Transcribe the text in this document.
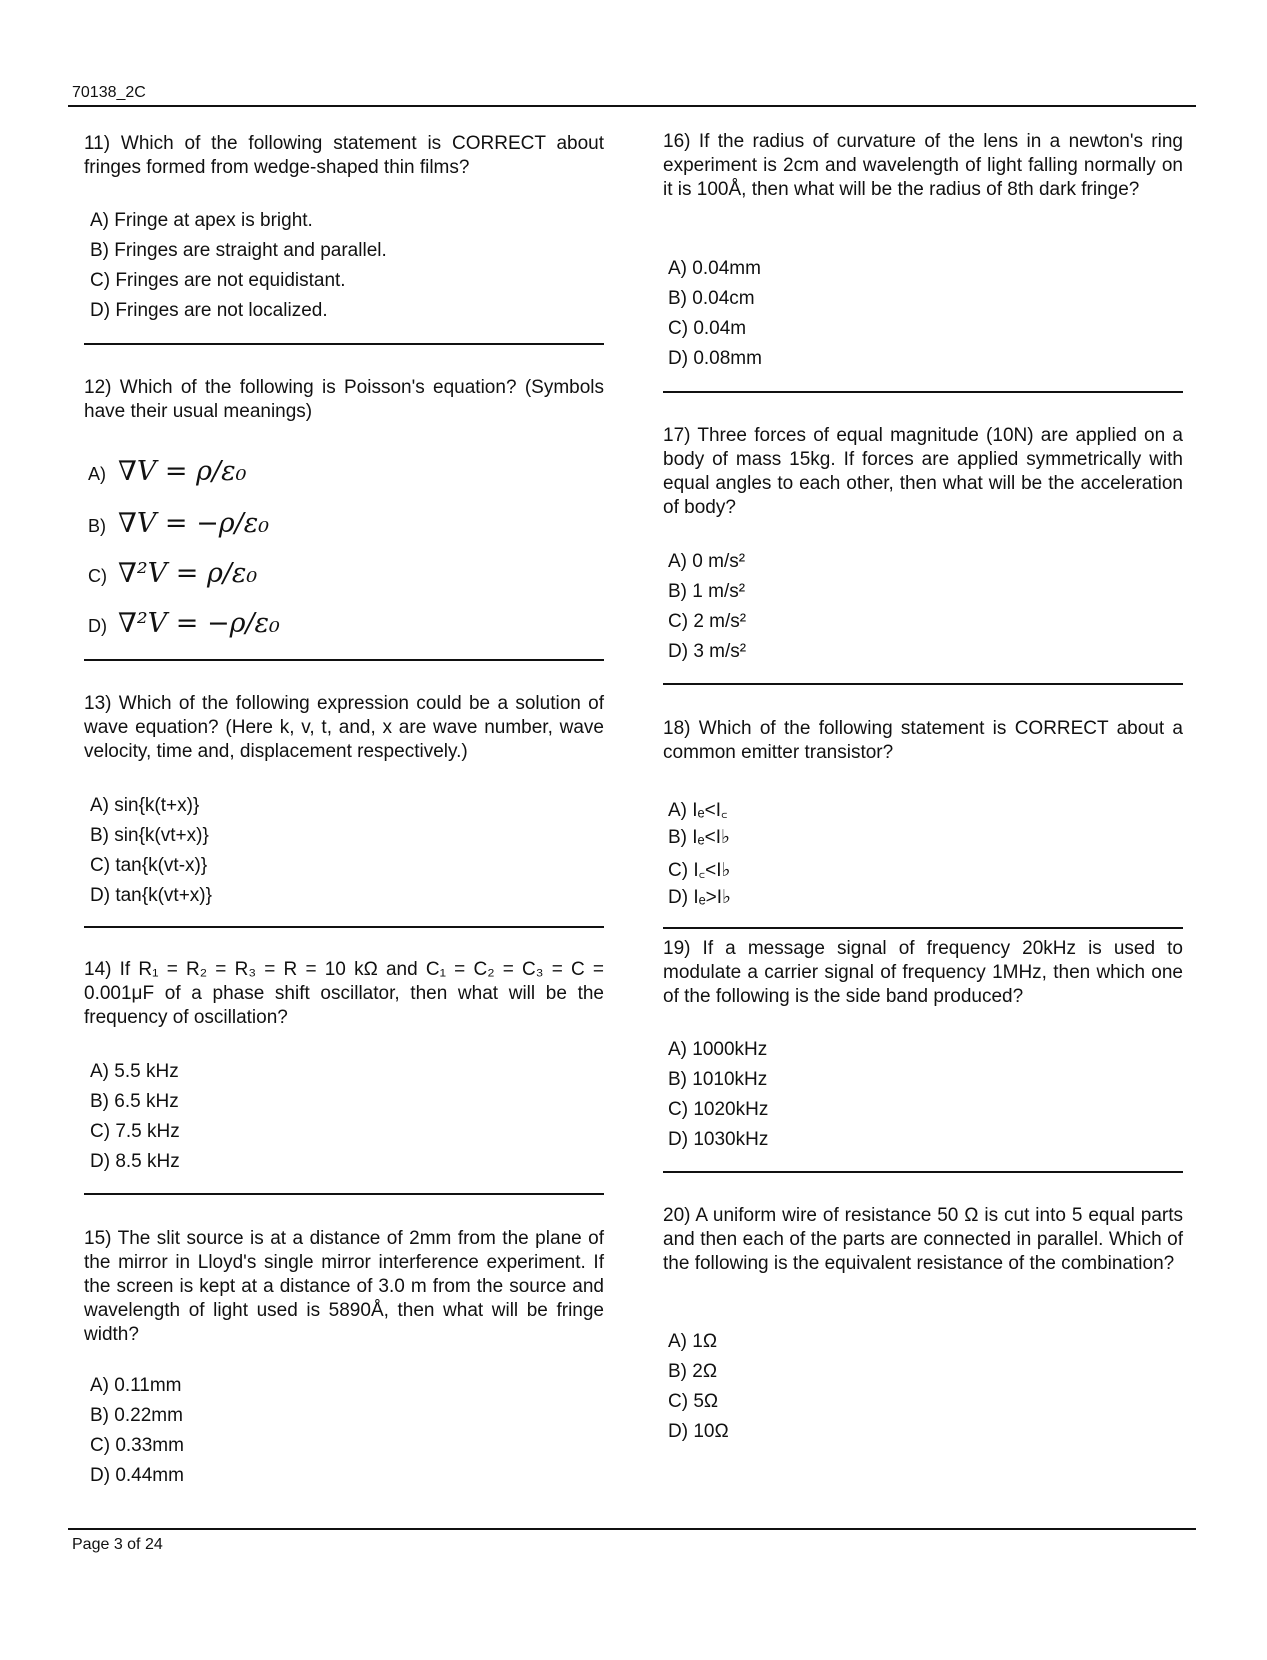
70138_2C
11) Which of the following statement is CORRECT about fringes formed from wedge-shaped thin films?
A) Fringe at apex is bright.
B) Fringes are straight and parallel.
C) Fringes are not equidistant.
D) Fringes are not localized.
12) Which of the following is Poisson's equation? (Symbols have their usual meanings)
A) ∇V = ρ/ε₀
B) ∇V = −ρ/ε₀
C) ∇²V = ρ/ε₀
D) ∇²V = −ρ/ε₀
13) Which of the following expression could be a solution of wave equation? (Here k, v, t, and, x are wave number, wave velocity, time and, displacement respectively.)
A) sin{k(t+x)}
B) sin{k(vt+x)}
C) tan{k(vt-x)}
D) tan{k(vt+x)}
14) If R₁ = R₂ = R₃ = R = 10 kΩ and C₁ = C₂ = C₃ = C = 0.001μF of a phase shift oscillator, then what will be the frequency of oscillation?
A) 5.5 kHz
B) 6.5 kHz
C) 7.5 kHz
D) 8.5 kHz
15) The slit source is at a distance of 2mm from the plane of the mirror in Lloyd's single mirror interference experiment. If the screen is kept at a distance of 3.0 m from the source and wavelength of light used is 5890Å, then what will be fringe width?
A) 0.11mm
B) 0.22mm
C) 0.33mm
D) 0.44mm
16) If the radius of curvature of the lens in a newton's ring experiment is 2cm and wavelength of light falling normally on it is 100Å, then what will be the radius of 8th dark fringe?
A) 0.04mm
B) 0.04cm
C) 0.04m
D) 0.08mm
17) Three forces of equal magnitude (10N) are applied on a body of mass 15kg. If forces are applied symmetrically with equal angles to each other, then what will be the acceleration of body?
A) 0 m/s²
B) 1 m/s²
C) 2 m/s²
D) 3 m/s²
18) Which of the following statement is CORRECT about a common emitter transistor?
A) Iₑ<I꜀
B) Iₑ<I♭
C) I꜀<I♭
D) Iₑ>I♭
19) If a message signal of frequency 20kHz is used to modulate a carrier signal of frequency 1MHz, then which one of the following is the side band produced?
A) 1000kHz
B) 1010kHz
C) 1020kHz
D) 1030kHz
20) A uniform wire of resistance 50 Ω is cut into 5 equal parts and then each of the parts are connected in parallel. Which of the following is the equivalent resistance of the combination?
A) 1Ω
B) 2Ω
C) 5Ω
D) 10Ω
Page 3 of 24
